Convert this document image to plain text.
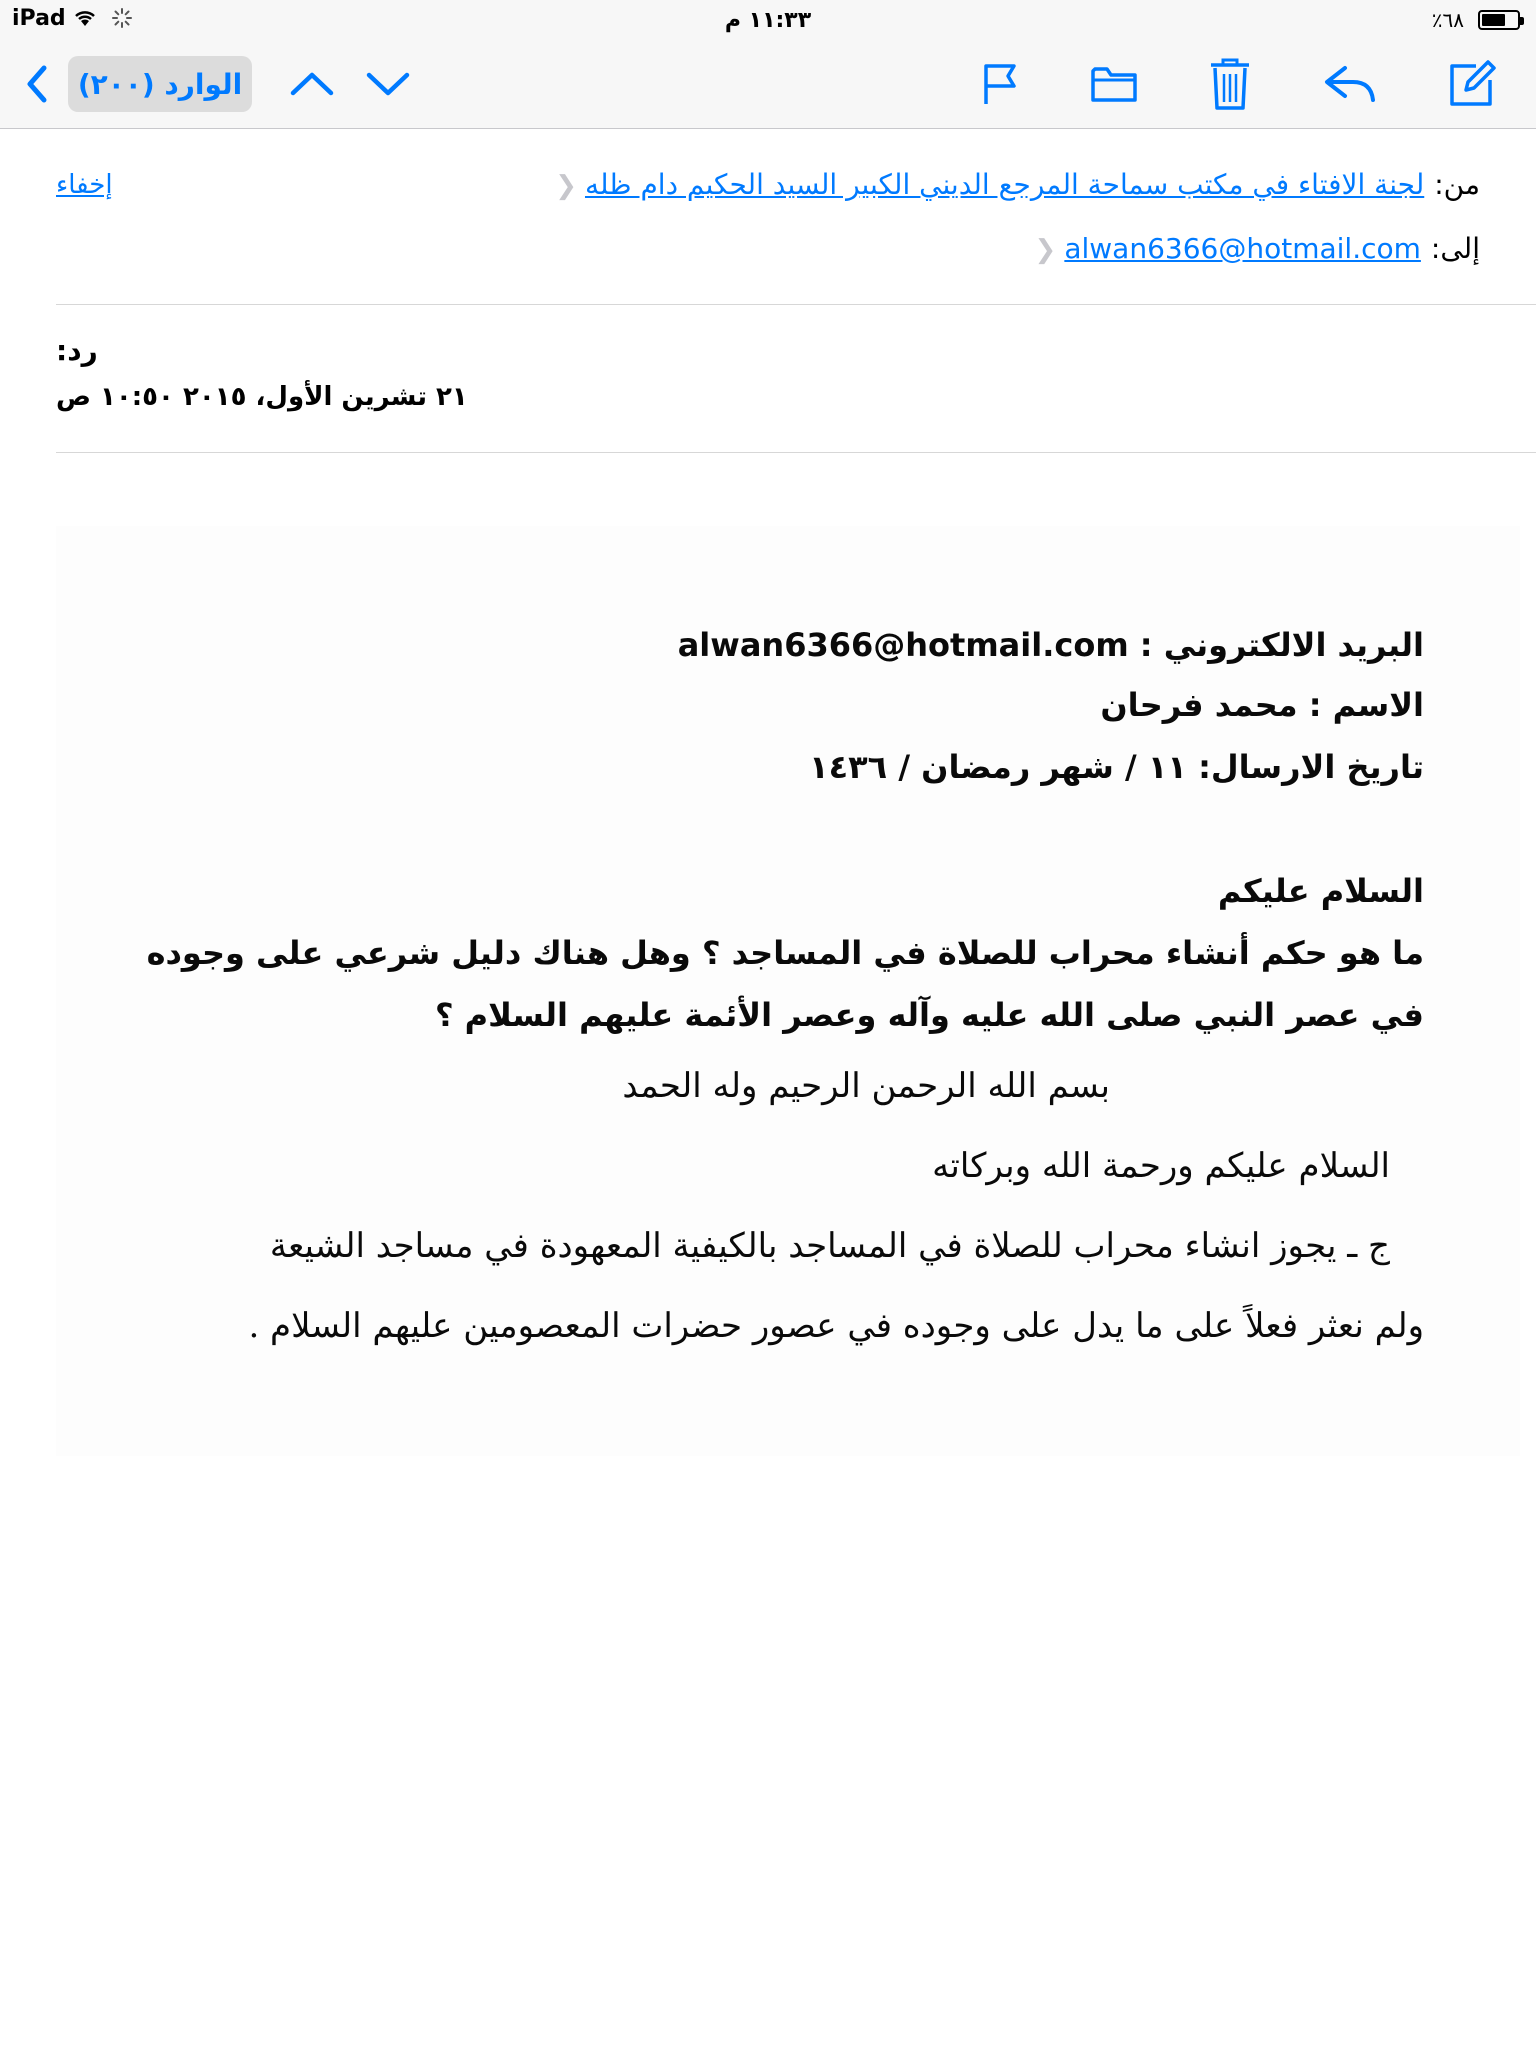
iPad	١١:٣٣ م	٪٦٨
الوارد (٢٠٠)
من:لجنة الافتاء في مكتب سماحة المرجع الديني الكبير السيد الحكيم دام ظله❮
إخفاء
إلى:alwan6366@hotmail.com❮
رد:
٢١ تشرين الأول، ٢٠١٥ ١٠:٥٠ ص
البريد الالكتروني : alwan6366@hotmail.com
الاسم : محمد فرحان
تاريخ الارسال: ١١ / شهر رمضان / ١٤٣٦
السلام عليكم
ما هو حكم أنشاء محراب للصلاة في المساجد ؟ وهل هناك دليل شرعي على وجوده
في عصر النبي صلى الله عليه وآله وعصر الأئمة عليهم السلام ؟
بسم الله الرحمن الرحيم وله الحمد
السلام عليكم ورحمة الله وبركاته
ج ـ يجوز انشاء محراب للصلاة في المساجد بالكيفية المعهودة في مساجد الشيعة
ولم نعثر فعلاً على ما يدل على وجوده في عصور حضرات المعصومين عليهم السلام .
